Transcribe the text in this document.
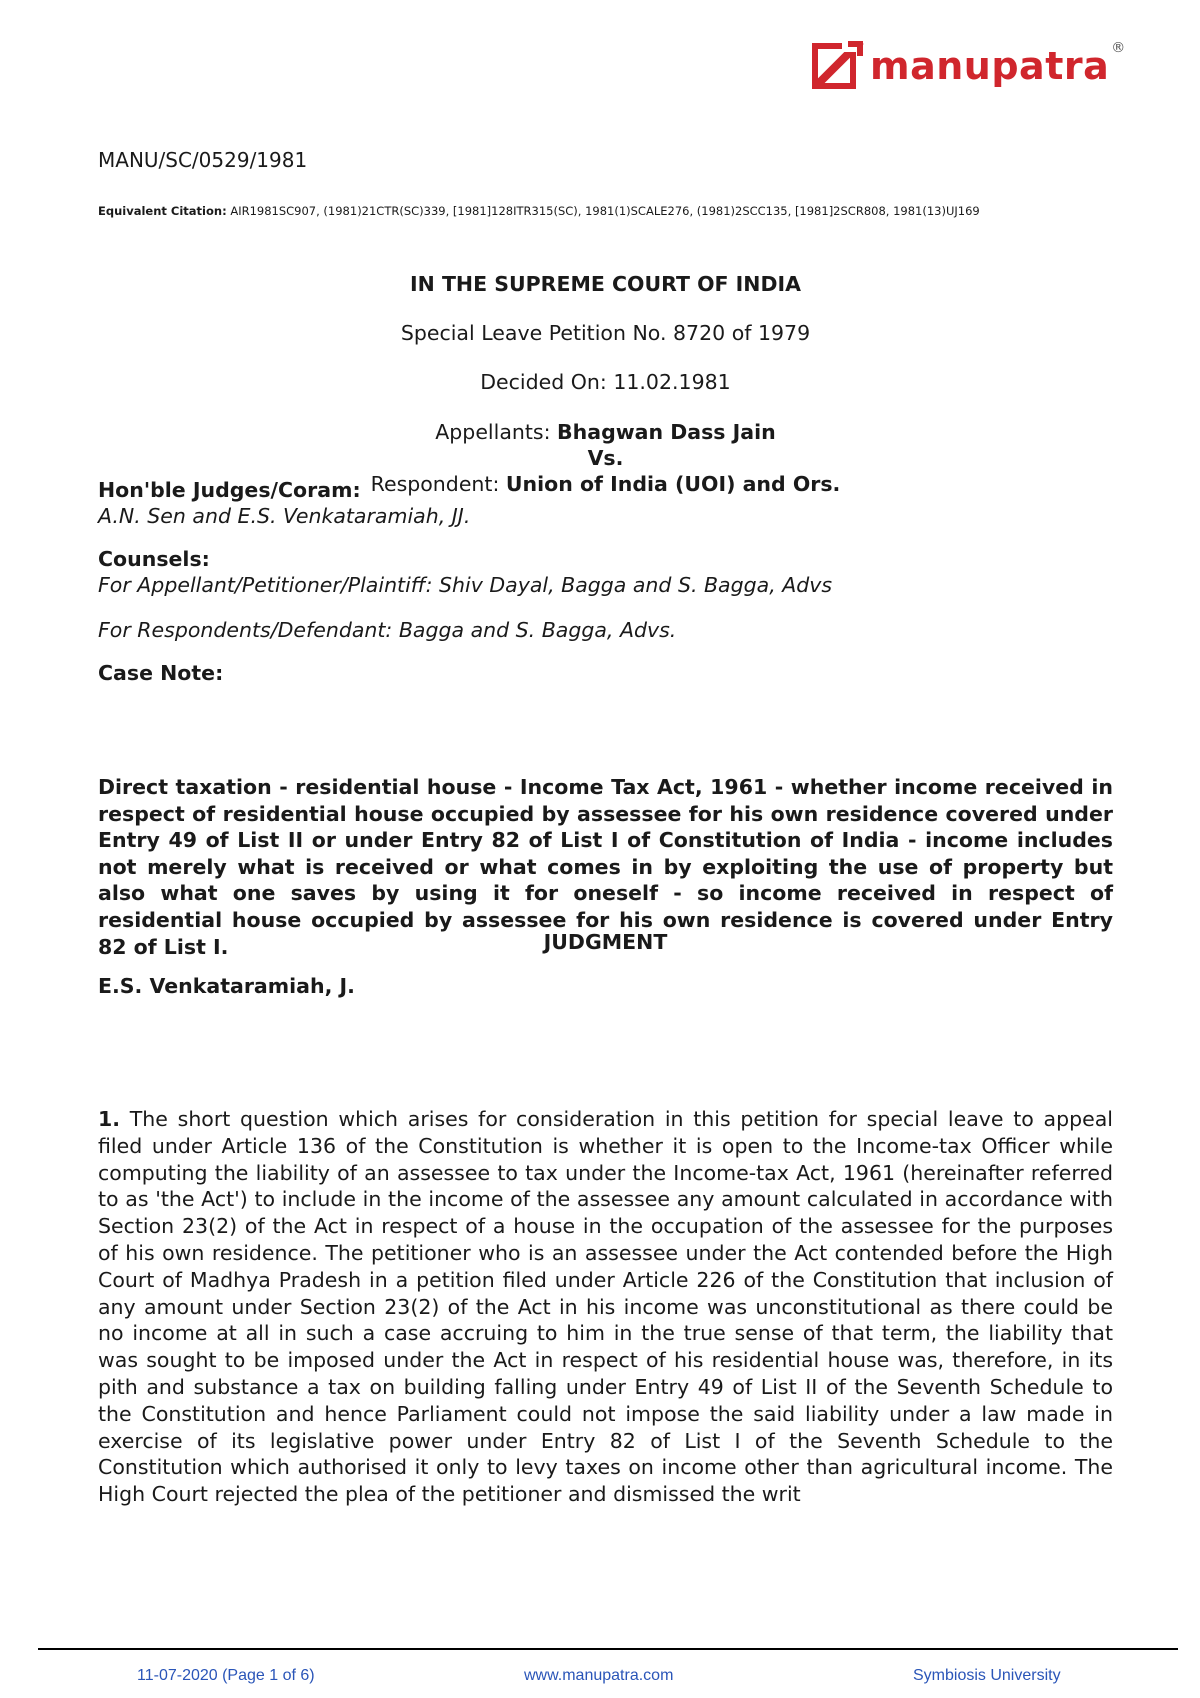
manupatra ®
MANU/SC/0529/1981
Equivalent Citation: AIR1981SC907, (1981)21CTR(SC)339, [1981]128ITR315(SC), 1981(1)SCALE276, (1981)2SCC135, [1981]2SCR808, 1981(13)UJ169
IN THE SUPREME COURT OF INDIA
Special Leave Petition No. 8720 of 1979
Decided On: 11.02.1981
Appellants: Bhagwan Dass Jain
Vs.
Respondent: Union of India (UOI) and Ors.
Hon'ble Judges/Coram:
A.N. Sen and E.S. Venkataramiah, JJ.
Counsels:
For Appellant/Petitioner/Plaintiff: Shiv Dayal, Bagga and S. Bagga, Advs
For Respondents/Defendant: Bagga and S. Bagga, Advs.
Case Note:
Direct taxation - residential house - Income Tax Act, 1961 - whether income received in respect of residential house occupied by assessee for his own residence covered under Entry 49 of List II or under Entry 82 of List I of Constitution of India - income includes not merely what is received or what comes in by exploiting the use of property but also what one saves by using it for oneself - so income received in respect of residential house occupied by assessee for his own residence is covered under Entry 82 of List I.	JUDGMENT
E.S. Venkataramiah, J.
1. The short question which arises for consideration in this petition for special leave to appeal filed under Article 136 of the Constitution is whether it is open to the Income-tax Officer while computing the liability of an assessee to tax under the Income-tax Act, 1961 (hereinafter referred to as 'the Act') to include in the income of the assessee any amount calculated in accordance with Section 23(2) of the Act in respect of a house in the occupation of the assessee for the purposes of his own residence. The petitioner who is an assessee under the Act contended before the High Court of Madhya Pradesh in a petition filed under Article 226 of the Constitution that inclusion of any amount under Section 23(2) of the Act in his income was unconstitutional as there could be no income at all in such a case accruing to him in the true sense of that term, the liability that was sought to be imposed under the Act in respect of his residential house was, therefore, in its pith and substance a tax on building falling under Entry 49 of List II of the Seventh Schedule to the Constitution and hence Parliament could not impose the said liability under a law made in exercise of its legislative power under Entry 82 of List I of the Seventh Schedule to the Constitution which authorised it only to levy taxes on income other than agricultural income. The High Court rejected the plea of the petitioner and dismissed the writ
11-07-2020 (Page 1 of 6)	www.manupatra.com	Symbiosis University
